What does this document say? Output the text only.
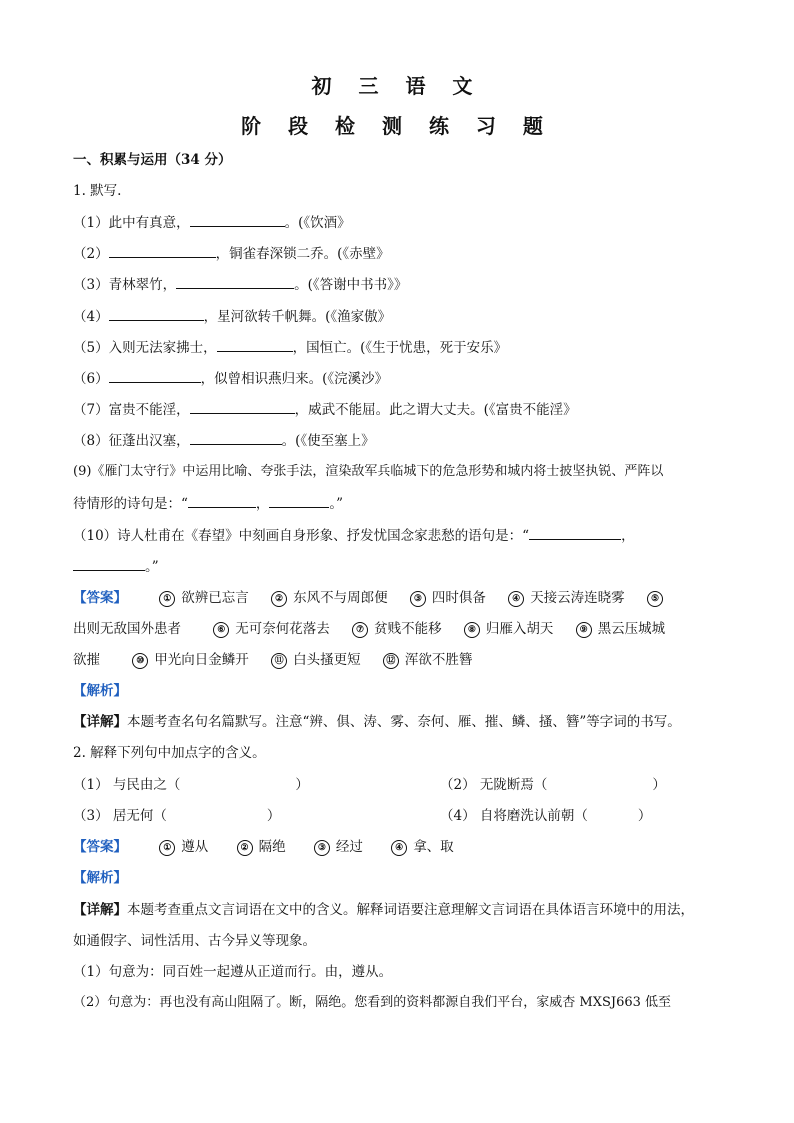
初 三 语 文
阶 段 检 测 练 习 题
一、积累与运用（34 分）
1. 默写.
（1）此中有真意，	。(《饮酒》
（2）	，铜雀春深锁二乔。(《赤壁》
（3）青林翠竹，	。(《答谢中书书》》
（4）	，星河欲转千帆舞。(《渔家傲》
（5）入则无法家拂士，	，国恒亡。(《生于忧患，死于安乐》
（6）	，似曾相识燕归来。(《浣溪沙》
（7）富贵不能淫，	，威武不能屈。此之谓大丈夫。(《富贵不能淫》
（8）征蓬出汉塞，	。(《使至塞上》
(9)《雁门太守行》中运用比喻、夸张手法，渲染敌军兵临城下的危急形势和城内将士披坚执锐、严阵以
待情形的诗句是：“	，	。”
（10）诗人杜甫在《春望》中刻画自身形象、抒发忧国念家悲愁的语句是：“	，
。”
【答案】	① 欲辨已忘言	② 东风不与周郎便	③ 四时俱备	④ 天接云涛连晓雾	⑤
出则无敌国外患者	⑥ 无可奈何花落去	⑦ 贫贱不能移	⑧ 归雁入胡天	⑨ 黑云压城城
欲摧	⑩ 甲光向日金鳞开	⑪ 白头搔更短	⑫ 浑欲不胜簪
【解析】
【详解】本题考查名句名篇默写。注意“辨、俱、涛、雾、奈何、雁、摧、鳞、搔、簪”等字词的书写。
2. 解释下列句中加点字的含义。
（1） 与民由之（	）	（2） 无陇断焉（	）
（3） 居无何（	）	（4） 自将磨洗认前朝（	）
【答案】	① 遵从	② 隔绝	③ 经过	④ 拿、取
【解析】
【详解】本题考查重点文言词语在文中的含义。解释词语要注意理解文言词语在具体语言环境中的用法，
如通假字、词性活用、古今异义等现象。
（1）句意为：同百姓一起遵从正道而行。由，遵从。
（2）句意为：再也没有高山阻隔了。断，隔绝。您看到的资料都源自我们平台，家威杏 MXSJ663 低至
